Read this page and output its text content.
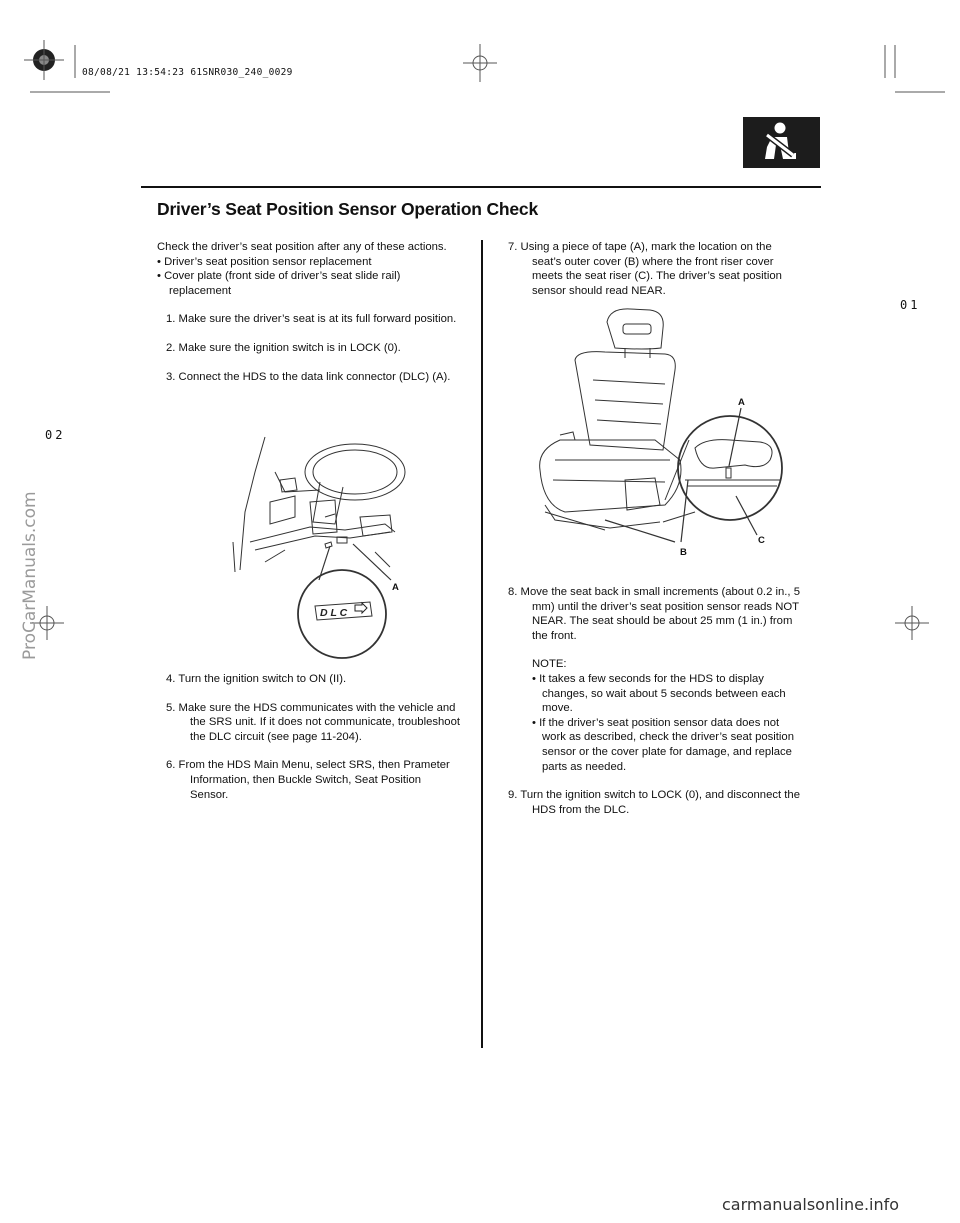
08/08/21 13:54:23 61SNR030_240_0029
Driver’s Seat Position Sensor Operation Check
01
02
ProCarManuals.com
Check the driver’s seat position after any of these actions.
• Driver’s seat position sensor replacement
• Cover plate (front side of driver’s seat slide rail) replacement
1. Make sure the driver’s seat is at its full forward position.
2. Make sure the ignition switch is in LOCK (0).
3. Connect the HDS to the data link connector (DLC) (A).
D L C
A
4. Turn the ignition switch to ON (II).
5. Make sure the HDS communicates with the vehicle and the SRS unit. If it does not communicate, troubleshoot the DLC circuit (see page 11-204).
6. From the HDS Main Menu, select SRS, then Prameter Information, then Buckle Switch, Seat Position Sensor.
7. Using a piece of tape (A), mark the location on the seat’s outer cover (B) where the front riser cover meets the seat riser (C). The driver’s seat position sensor should read NEAR.
A
B
C
8. Move the seat back in small increments (about 0.2 in., 5 mm) until the driver’s seat position sensor reads NOT NEAR. The seat should be about 25 mm (1 in.) from the front.
NOTE:
• It takes a few seconds for the HDS to display changes, so wait about 5 seconds between each move.
• If the driver’s seat position sensor data does not work as described, check the driver’s seat position sensor or the cover plate for damage, and replace parts as needed.
9. Turn the ignition switch to LOCK (0), and disconnect the HDS from the DLC.
carmanualsonline.info
